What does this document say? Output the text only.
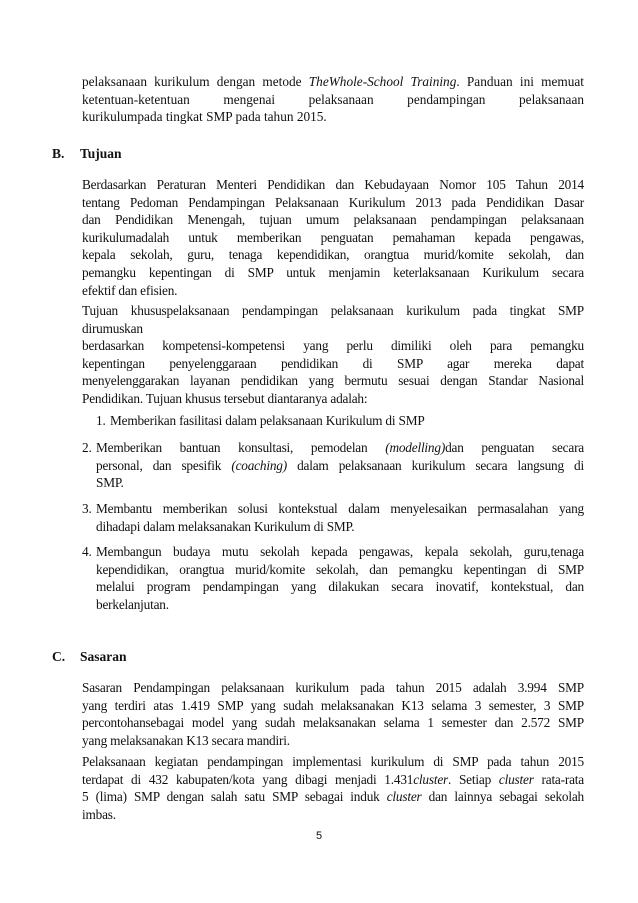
pelaksanaan kurikulum dengan metode TheWhole-School Training. Panduan ini memuat
ketentuan-ketentuan mengenai pelaksanaan pendampingan pelaksanaan
kurikulumpada tingkat SMP pada tahun 2015.
B. Tujuan
Berdasarkan Peraturan Menteri Pendidikan dan Kebudayaan Nomor 105 Tahun 2014
tentang Pedoman Pendampingan Pelaksanaan Kurikulum 2013 pada Pendidikan Dasar
dan Pendidikan Menengah, tujuan umum pelaksanaan pendampingan pelaksanaan
kurikulumadalah untuk memberikan penguatan pemahaman kepada pengawas,
kepala sekolah, guru, tenaga kependidikan, orangtua murid/komite sekolah, dan
pemangku kepentingan di SMP untuk menjamin keterlaksanaan Kurikulum secara
efektif dan efisien.
Tujuan khususpelaksanaan pendampingan pelaksanaan kurikulum pada tingkat SMP
dirumuskan
berdasarkan kompetensi-kompetensi yang perlu dimiliki oleh para pemangku
kepentingan penyelenggaraan pendidikan di SMP agar mereka dapat
menyelenggarakan layanan pendidikan yang bermutu sesuai dengan Standar Nasional
Pendidikan. Tujuan khusus tersebut diantaranya adalah:
1. Memberikan fasilitasi dalam pelaksanaan Kurikulum di SMP
2. Memberikan bantuan konsultasi, pemodelan (modelling)dan penguatan secara
personal, dan spesifik (coaching) dalam pelaksanaan kurikulum secara langsung di
SMP.
3. Membantu memberikan solusi kontekstual dalam menyelesaikan permasalahan yang
dihadapi dalam melaksanakan Kurikulum di SMP.
4. Membangun budaya mutu sekolah kepada pengawas, kepala sekolah, guru,tenaga
kependidikan, orangtua murid/komite sekolah, dan pemangku kepentingan di SMP
melalui program pendampingan yang dilakukan secara inovatif, kontekstual, dan
berkelanjutan.
C. Sasaran
Sasaran Pendampingan pelaksanaan kurikulum pada tahun 2015 adalah 3.994 SMP
yang terdiri atas 1.419 SMP yang sudah melaksanakan K13 selama 3 semester, 3 SMP
percontohansebagai model yang sudah melaksanakan selama 1 semester dan 2.572 SMP
yang melaksanakan K13 secara mandiri.
Pelaksanaan kegiatan pendampingan implementasi kurikulum di SMP pada tahun 2015
terdapat di 432 kabupaten/kota yang dibagi menjadi 1.431cluster. Setiap cluster rata-rata
5 (lima) SMP dengan salah satu SMP sebagai induk cluster dan lainnya sebagai sekolah
imbas.
5
